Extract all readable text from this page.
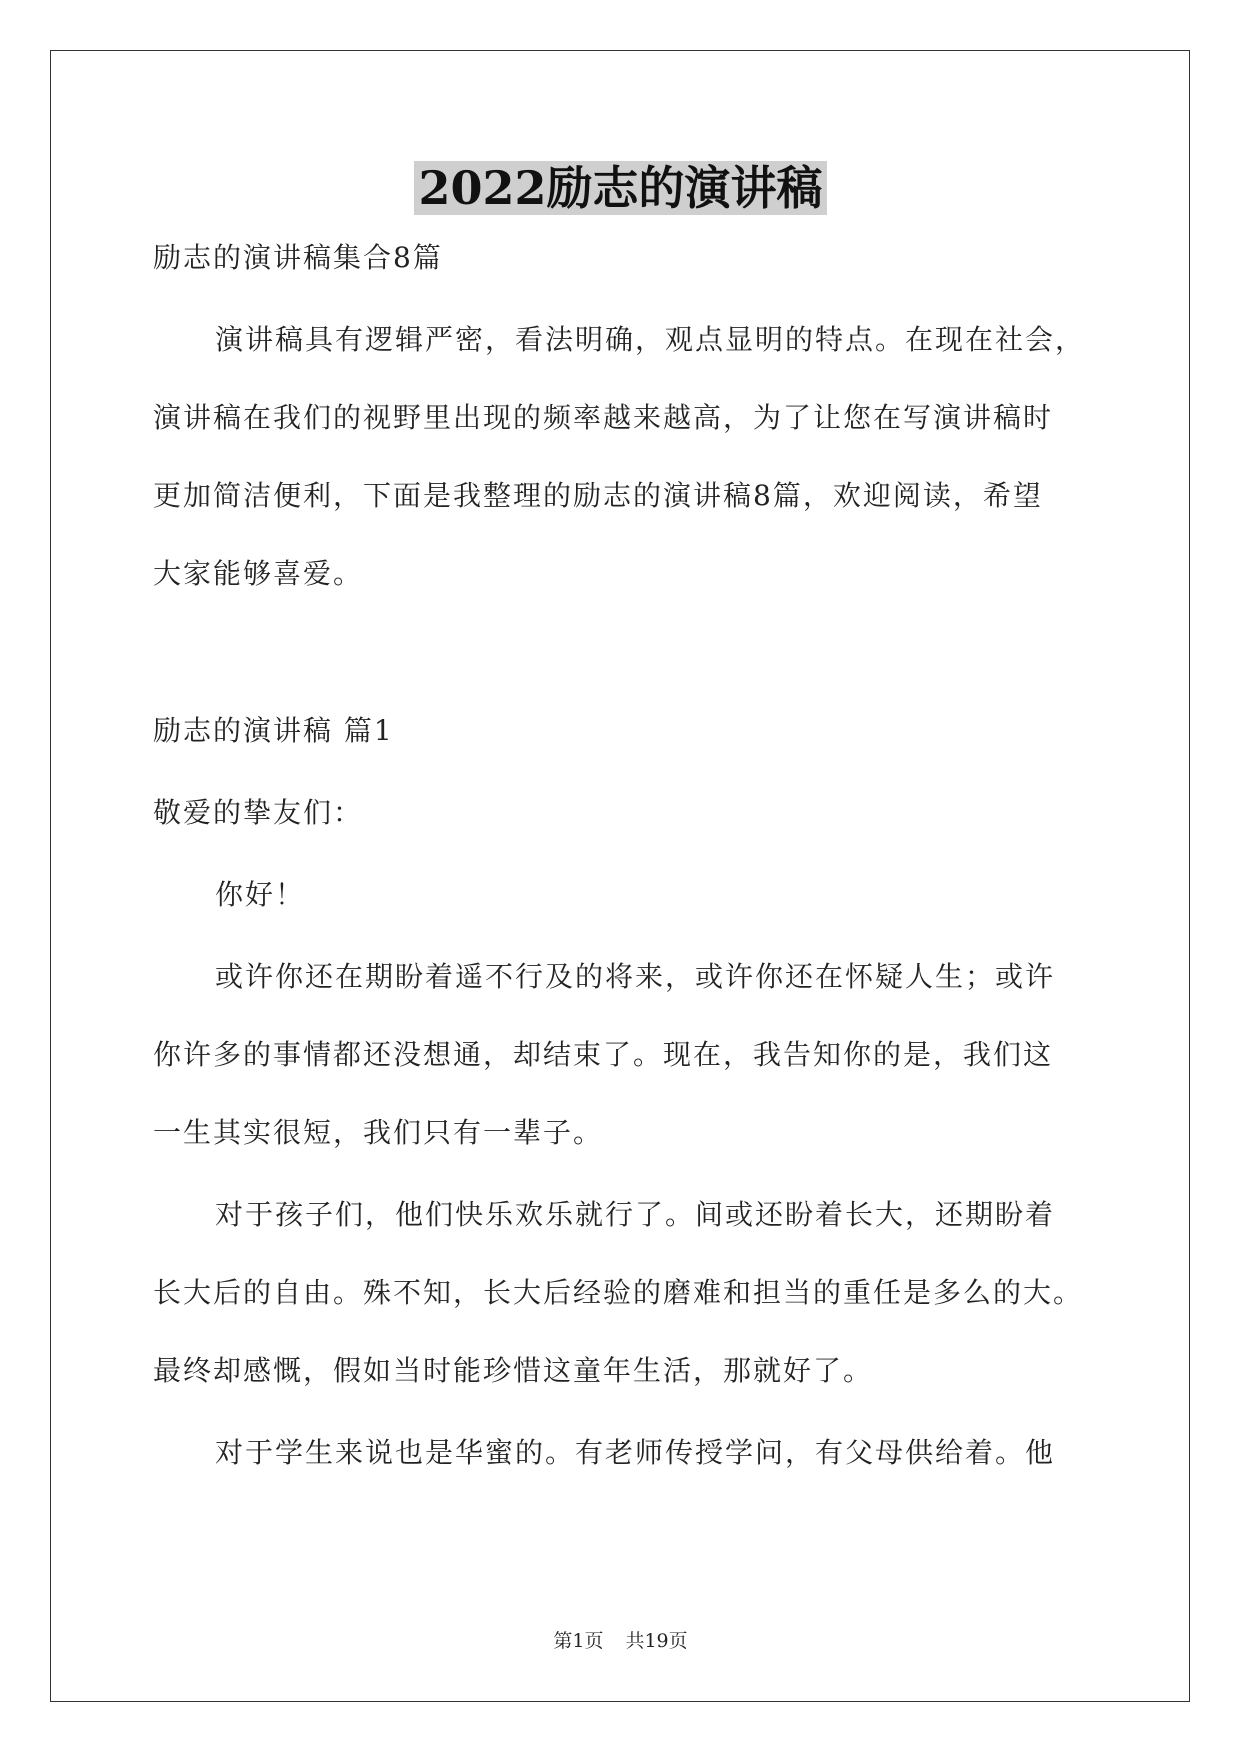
2022励志的演讲稿
励志的演讲稿集合8篇
演讲稿具有逻辑严密，看法明确，观点显明的特点。在现在社会，
演讲稿在我们的视野里出现的频率越来越高，为了让您在写演讲稿时
更加简洁便利，下面是我整理的励志的演讲稿8篇，欢迎阅读，希望
大家能够喜爱。
励志的演讲稿 篇1
敬爱的挚友们：
你好！
或许你还在期盼着遥不行及的将来，或许你还在怀疑人生；或许
你许多的事情都还没想通，却结束了。现在，我告知你的是，我们这
一生其实很短，我们只有一辈子。
对于孩子们，他们快乐欢乐就行了。间或还盼着长大，还期盼着
长大后的自由。殊不知，长大后经验的磨难和担当的重任是多么的大。
最终却感慨，假如当时能珍惜这童年生活，那就好了。
对于学生来说也是华蜜的。有老师传授学问，有父母供给着。他
第1页 共19页
